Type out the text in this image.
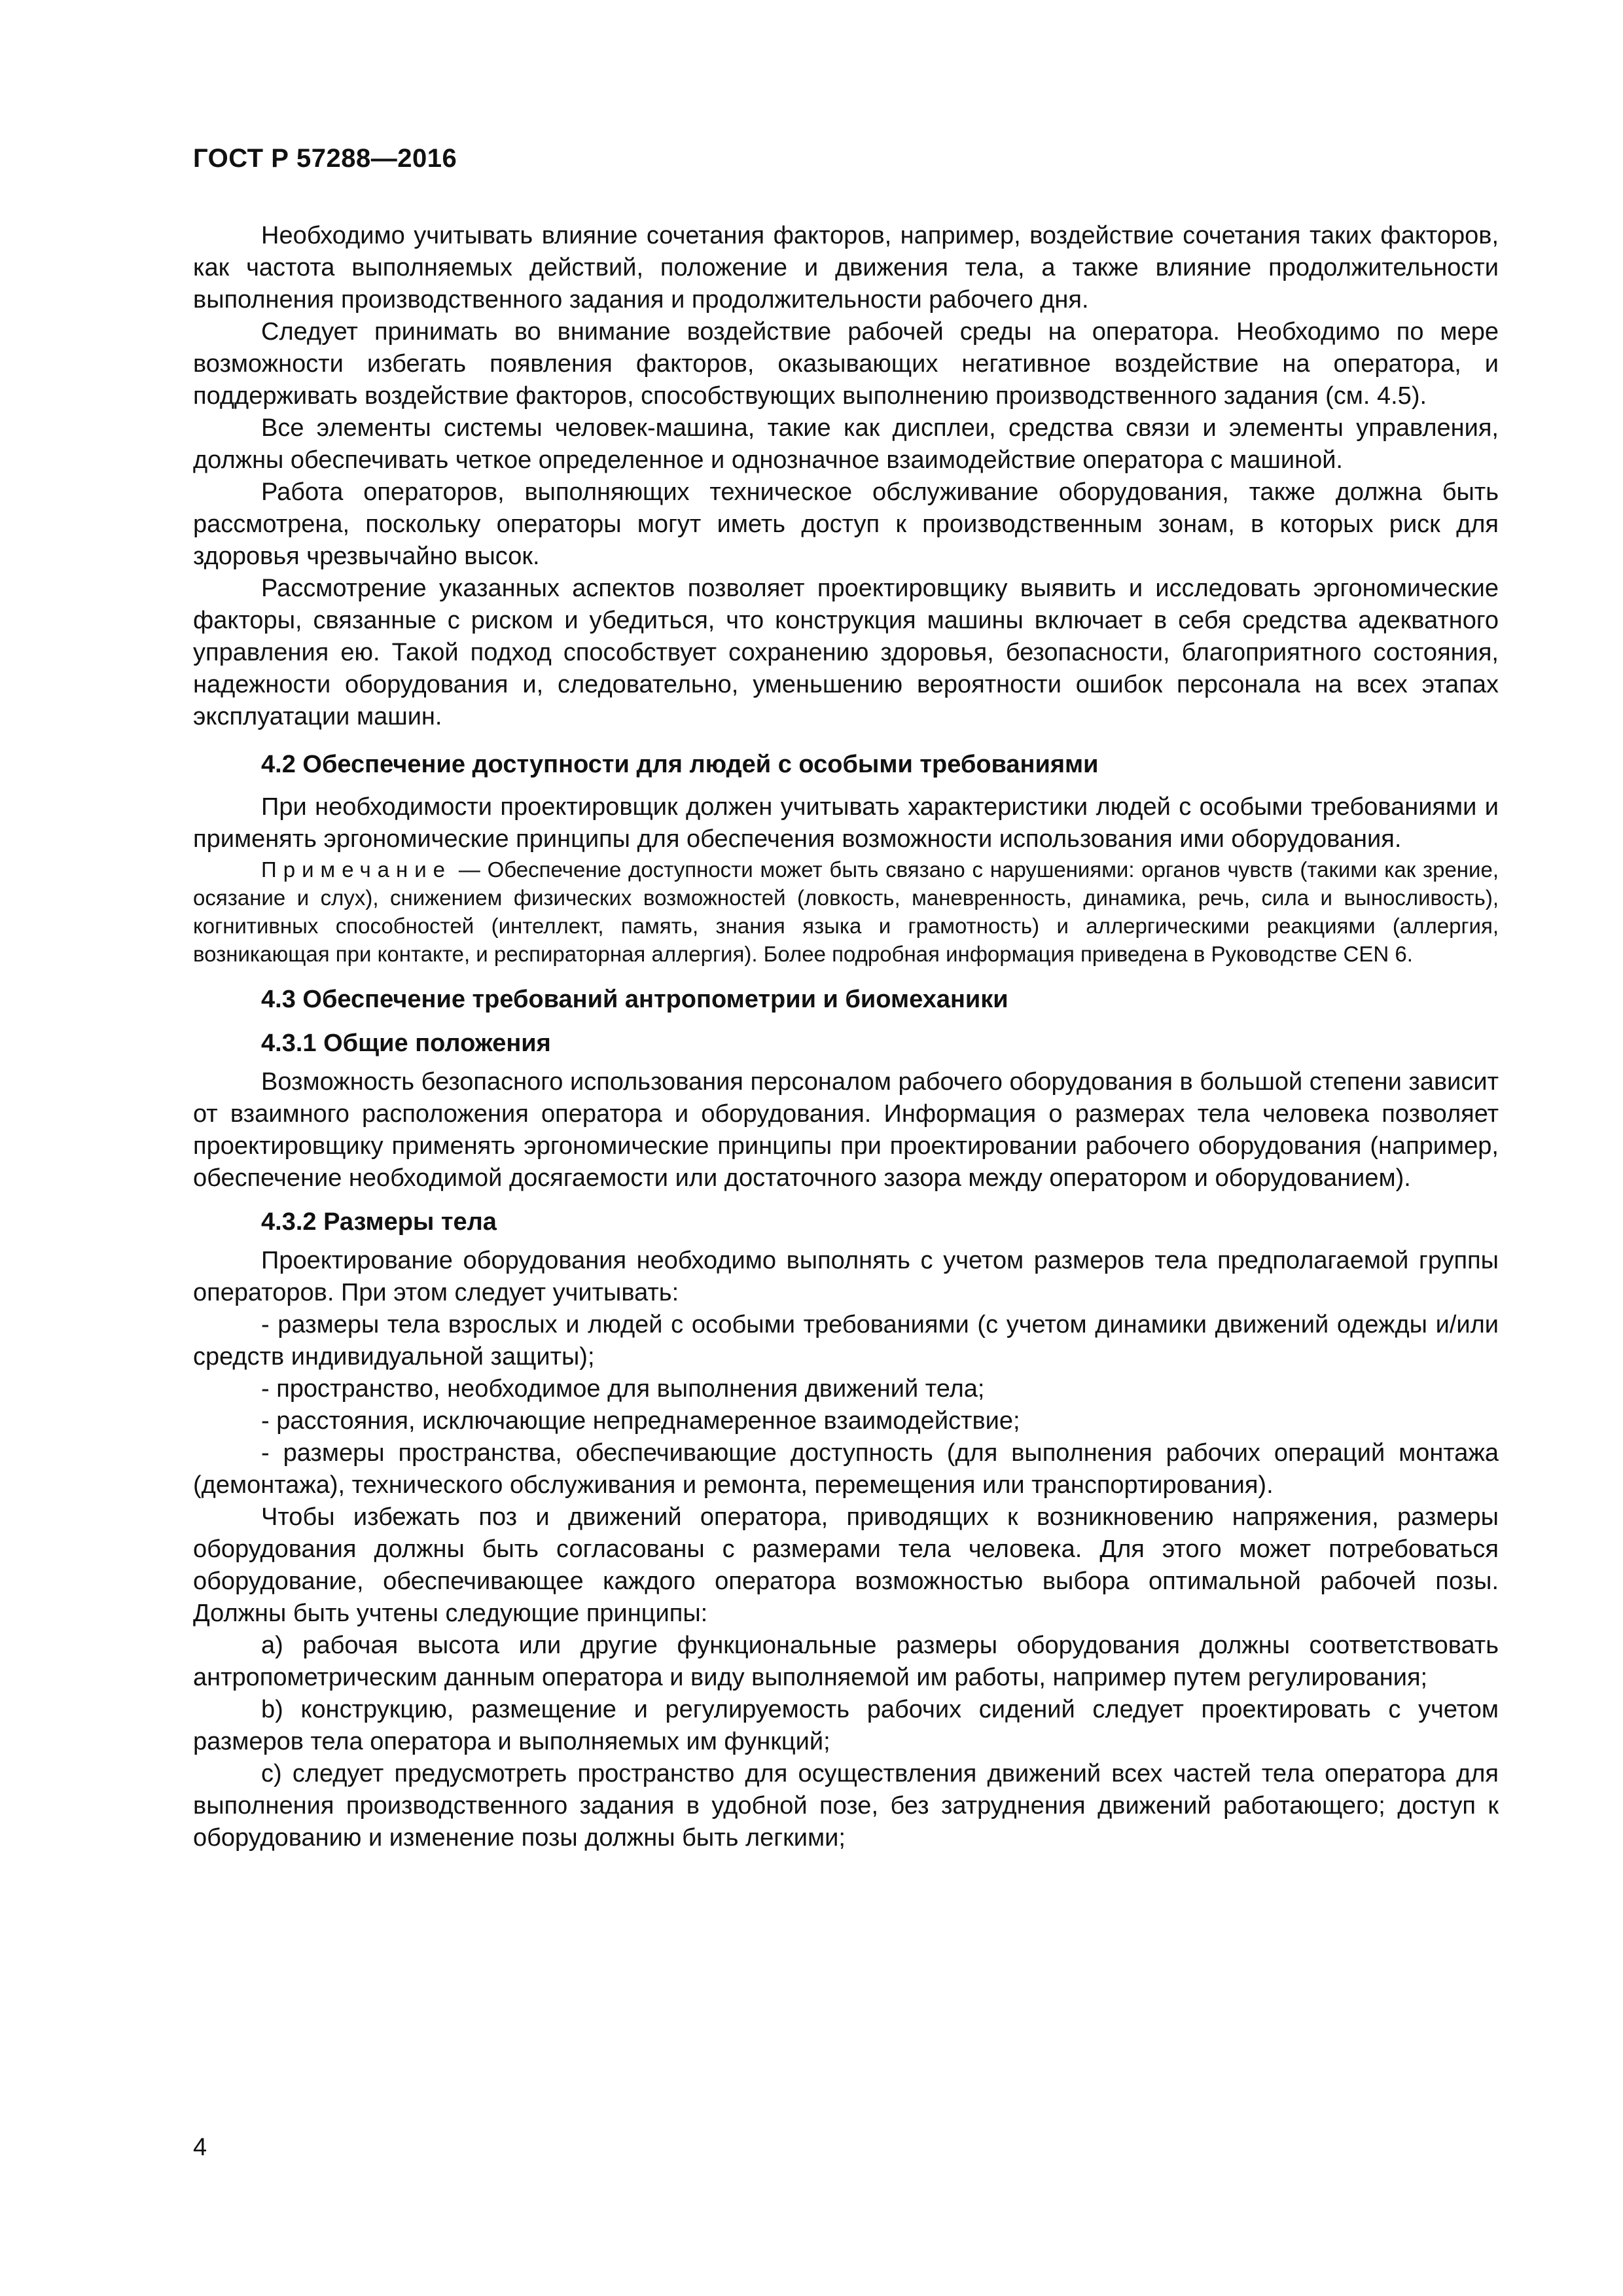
ГОСТ Р 57288—2016

Необходимо учитывать влияние сочетания факторов, например, воздействие сочетания таких факторов, как частота выполняемых действий, положение и движения тела, а также влияние продолжительности выполнения производственного задания и продолжительности рабочего дня.

Следует принимать во внимание воздействие рабочей среды на оператора. Необходимо по мере возможности избегать появления факторов, оказывающих негативное воздействие на оператора, и поддерживать воздействие факторов, способствующих выполнению производственного задания (см. 4.5).

Все элементы системы человек-машина, такие как дисплеи, средства связи и элементы управления, должны обеспечивать четкое определенное и однозначное взаимодействие оператора с машиной.

Работа операторов, выполняющих техническое обслуживание оборудования, также должна быть рассмотрена, поскольку операторы могут иметь доступ к производственным зонам, в которых риск для здоровья чрезвычайно высок.

Рассмотрение указанных аспектов позволяет проектировщику выявить и исследовать эргономические факторы, связанные с риском и убедиться, что конструкция машины включает в себя средства адекватного управления ею. Такой подход способствует сохранению здоровья, безопасности, благоприятного состояния, надежности оборудования и, следовательно, уменьшению вероятности ошибок персонала на всех этапах эксплуатации машин.

4.2 Обеспечение доступности для людей с особыми требованиями

При необходимости проектировщик должен учитывать характеристики людей с особыми требованиями и применять эргономические принципы для обеспечения возможности использования ими оборудования.

Примечание — Обеспечение доступности может быть связано с нарушениями: органов чувств (такими как зрение, осязание и слух), снижением физических возможностей (ловкость, маневренность, динамика, речь, сила и выносливость), когнитивных способностей (интеллект, память, знания языка и грамотность) и аллергическими реакциями (аллергия, возникающая при контакте, и респираторная аллергия). Более подробная информация приведена в Руководстве CEN 6.

4.3 Обеспечение требований антропометрии и биомеханики
4.3.1 Общие положения

Возможность безопасного использования персоналом рабочего оборудования в большой степени зависит от взаимного расположения оператора и оборудования. Информация о размерах тела человека позволяет проектировщику применять эргономические принципы при проектировании рабочего оборудования (например, обеспечение необходимой досягаемости или достаточного зазора между оператором и оборудованием).

4.3.2 Размеры тела

Проектирование оборудования необходимо выполнять с учетом размеров тела предполагаемой группы операторов. При этом следует учитывать:

- размеры тела взрослых и людей с особыми требованиями (с учетом динамики движений одежды и/или средств индивидуальной защиты);

- пространство, необходимое для выполнения движений тела;

- расстояния, исключающие непреднамеренное взаимодействие;

- размеры пространства, обеспечивающие доступность (для выполнения рабочих операций монтажа (демонтажа), технического обслуживания и ремонта, перемещения или транспортирования).

Чтобы избежать поз и движений оператора, приводящих к возникновению напряжения, размеры оборудования должны быть согласованы с размерами тела человека. Для этого может потребоваться оборудование, обеспечивающее каждого оператора возможностью выбора оптимальной рабочей позы. Должны быть учтены следующие принципы:

a) рабочая высота или другие функциональные размеры оборудования должны соответствовать антропометрическим данным оператора и виду выполняемой им работы, например путем регулирования;

b) конструкцию, размещение и регулируемость рабочих сидений следует проектировать с учетом размеров тела оператора и выполняемых им функций;

c) следует предусмотреть пространство для осуществления движений всех частей тела оператора для выполнения производственного задания в удобной позе, без затруднения движений работающего; доступ к оборудованию и изменение позы должны быть легкими;

4
